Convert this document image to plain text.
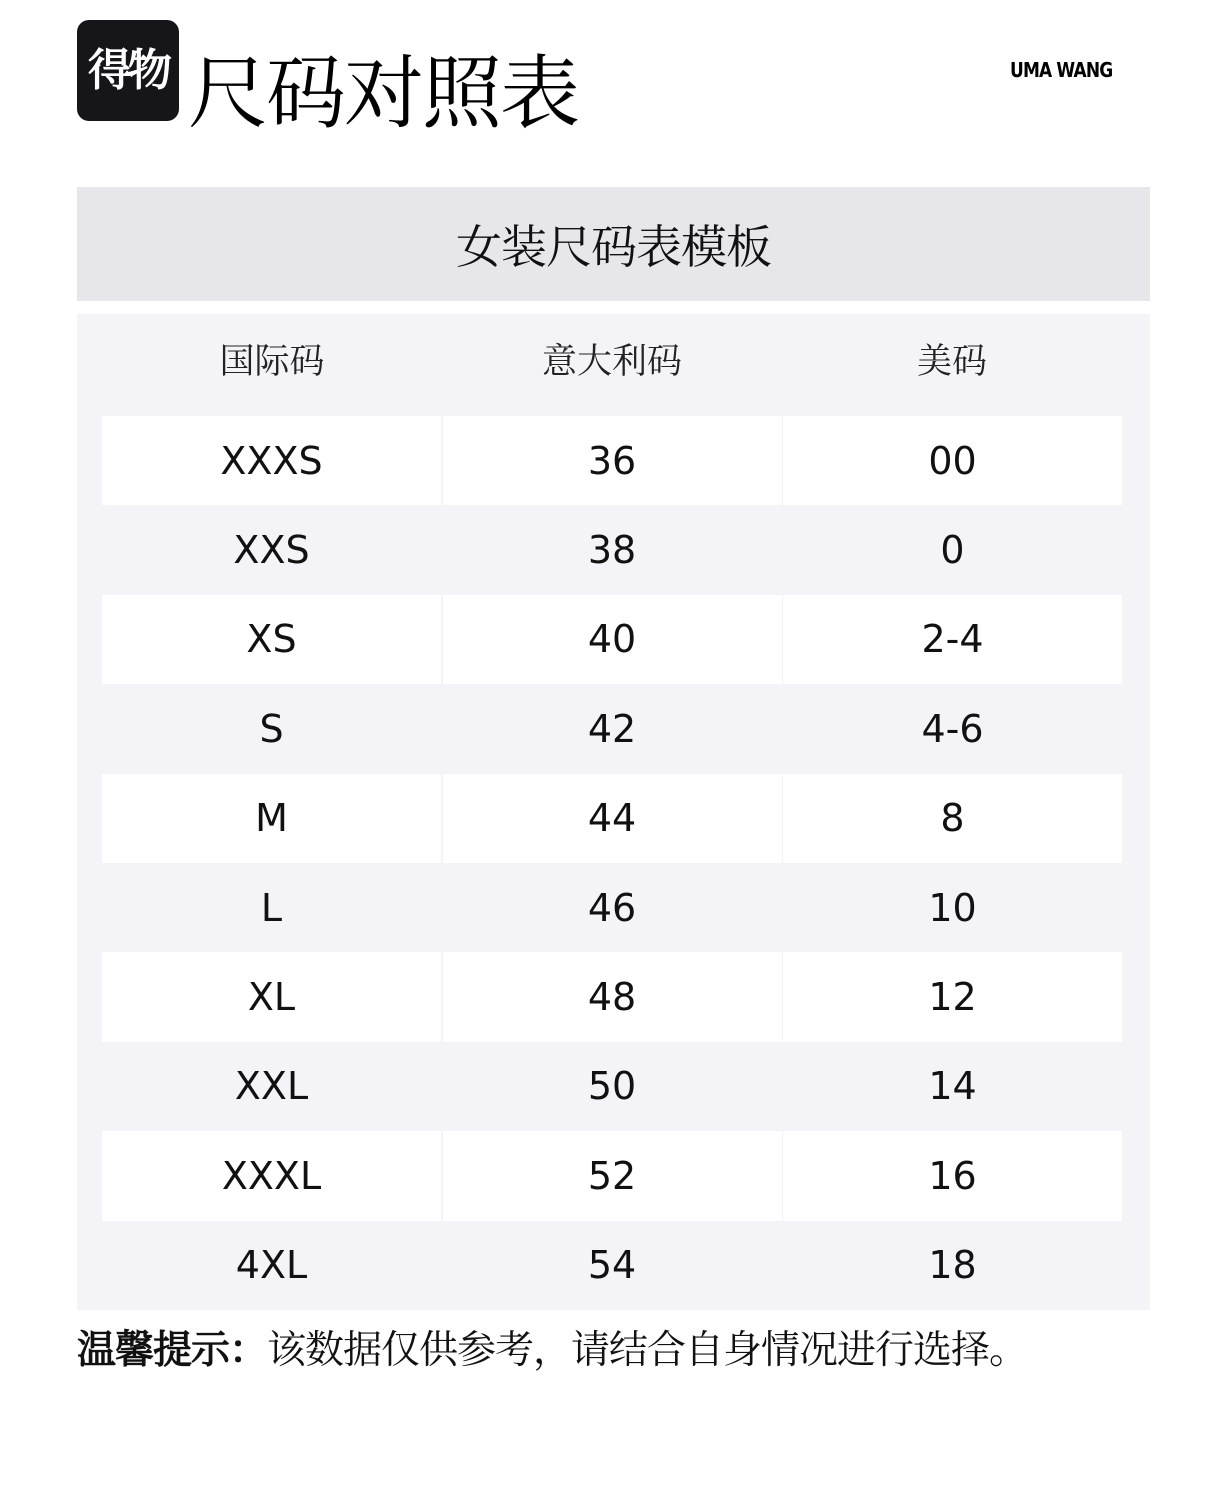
得物 尺码对照表	UMA WANG
女装尺码表模板
国际码	意大利码	美码
XXXS	36	00
XXS	38	0
XS	40	2-4
S	42	4-6
M	44	8
L	46	10
XL	48	12
XXL	50	14
XXXL	52	16
4XL	54	18
温馨提示：该数据仅供参考，请结合自身情况进行选择。
